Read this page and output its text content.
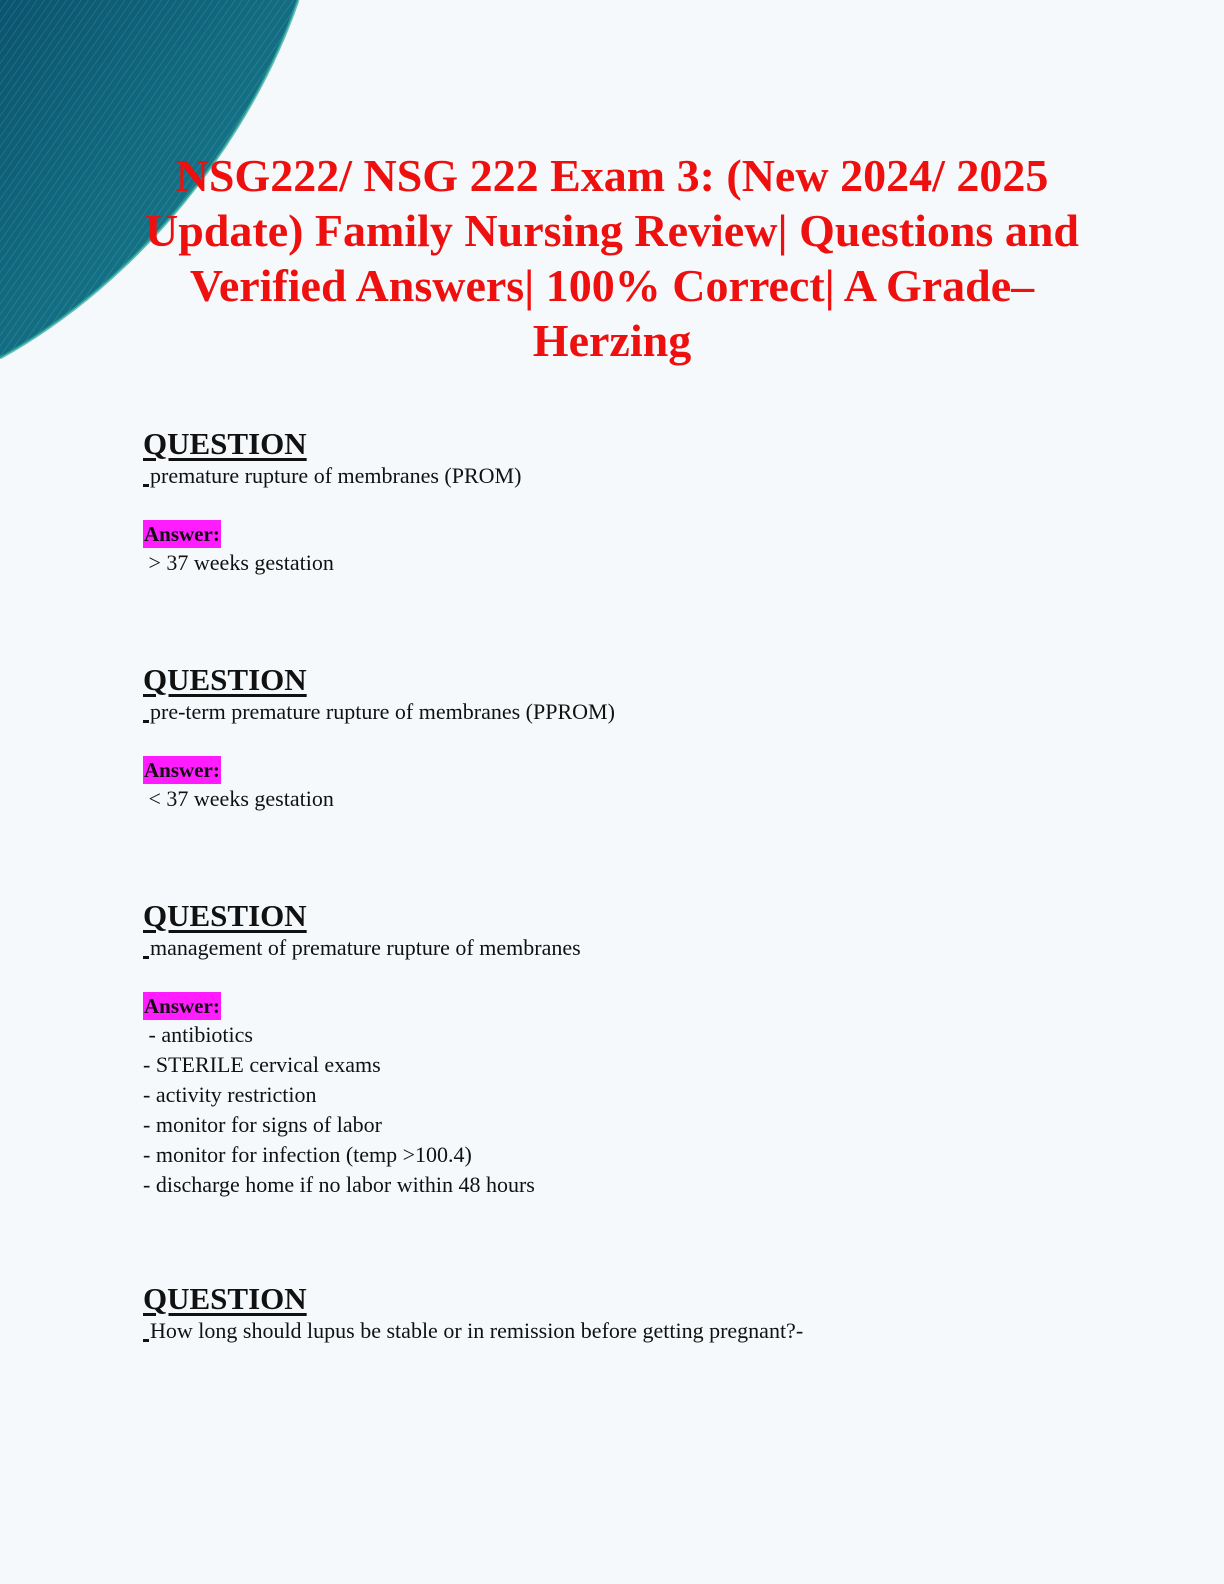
NSG222/ NSG 222 Exam 3: (New 2024/ 2025 Update) Family Nursing Review| Questions and Verified Answers| 100% Correct| A Grade– Herzing
QUESTION
premature rupture of membranes (PROM)
Answer:
> 37 weeks gestation
QUESTION
pre-term premature rupture of membranes (PPROM)
Answer:
< 37 weeks gestation
QUESTION
management of premature rupture of membranes
Answer:
- antibiotics
- STERILE cervical exams
- activity restriction
- monitor for signs of labor
- monitor for infection (temp >100.4)
- discharge home if no labor within 48 hours
QUESTION
How long should lupus be stable or in remission before getting pregnant?-
